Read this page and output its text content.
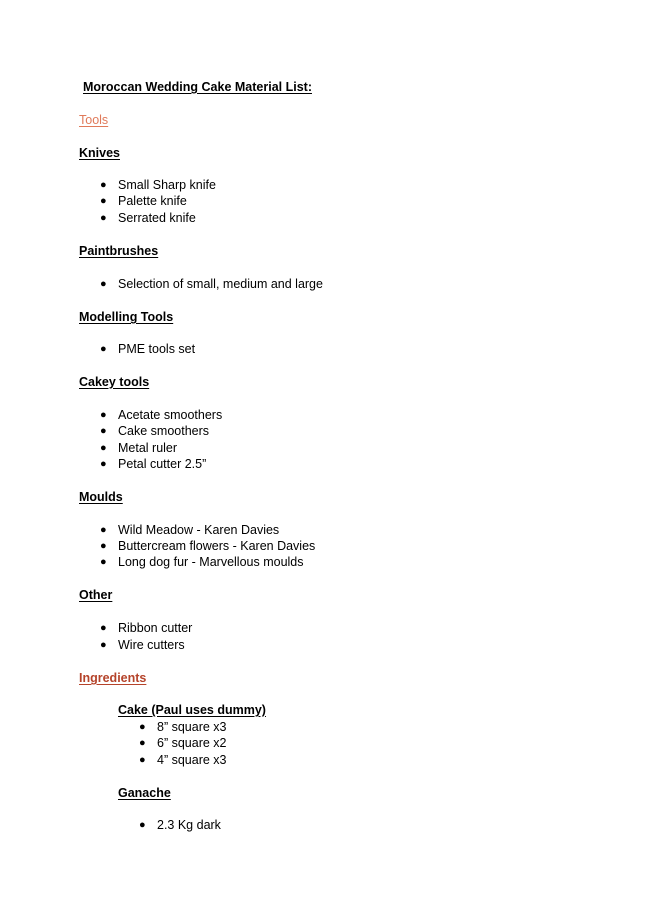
Moroccan Wedding Cake Material List:
Tools
Knives
● Small Sharp knife
● Palette knife
● Serrated knife
Paintbrushes
● Selection of small, medium and large
Modelling Tools
● PME tools set
Cakey tools
● Acetate smoothers
● Cake smoothers
● Metal ruler
● Petal cutter 2.5”
Moulds
● Wild Meadow - Karen Davies
● Buttercream flowers - Karen Davies
● Long dog fur - Marvellous moulds
Other
● Ribbon cutter
● Wire cutters
Ingredients
Cake (Paul uses dummy)
● 8” square x3
● 6” square x2
● 4” square x3
Ganache
● 2.3 Kg dark
